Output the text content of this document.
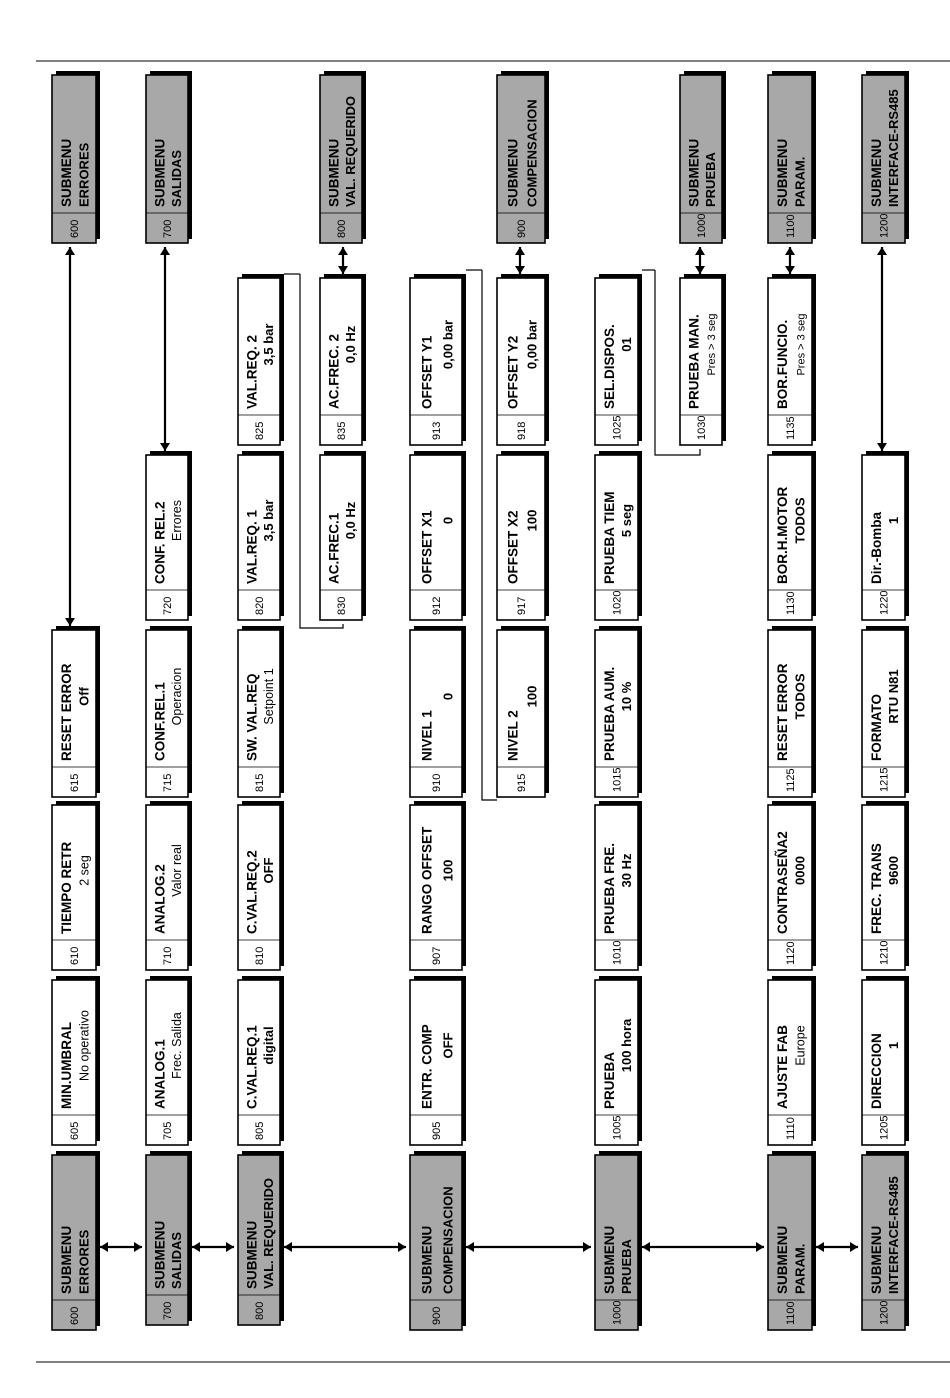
600
SUBMENU ERRORES
605
MIN.UMBRAL No operativo
610
TIEMPO RETR 2 seg
615
RESET ERROR Off
600
SUBMENU ERRORES
700
SUBMENU SALIDAS
705
ANALOG.1 Frec. Salida
710
ANALOG.2 Valor real
715
CONF.REL.1 Operacion
720
CONF. REL.2 Errores
700
SUBMENU SALIDAS
800
SUBMENU VAL. REQUERIDO
805
C.VAL.REQ.1 digital
810
C.VAL.REQ.2 OFF
815
SW. VAL.REQ Setpoint 1
820
VAL.REQ. 1 3,5 bar
825
VAL.REQ. 2 3,5 bar
830
AC.FREC.1 0,0 Hz
835
AC.FREC. 2 0,0 Hz
800
SUBMENU VAL. REQUERIDO
900
SUBMENU COMPENSACION
905
ENTR. COMP OFF
907
RANGO OFFSET 100
910
NIVEL 1
0
912
OFFSET X1 0
913
OFFSET Y1 0,00 bar
915
NIVEL 2
100
917
OFFSET X2 100
918
OFFSET Y2 0,00 bar
900
SUBMENU COMPENSACION
1000
SUBMENU PRUEBA
1005
PRUEBA
100 hora
1010
PRUEBA FRE. 30 Hz
1015
PRUEBA AUM. 10 %
1020
PRUEBA TIEM 5 seg
1025
SEL.DISPOS. 01
1030
PRUEBA MAN. Pres > 3 seg
1000
SUBMENU PRUEBA
1100
SUBMENU PARAM.
1110
AJUSTE FAB Europe
1120
CONTRASEÑA2 0000
1125
RESET ERROR TODOS
1130
BOR.H.MOTOR TODOS
1135
BOR.FUNCIO. Pres > 3 seg
1100
SUBMENU PARAM.
1200
SUBMENU INTERFACE-RS485
1205
DIRECCION 1
1210
FREC. TRANS 9600
1215
FORMATO RTU N81
1220
Dir.-Bomba 1
1200
SUBMENU INTERFACE-RS485
